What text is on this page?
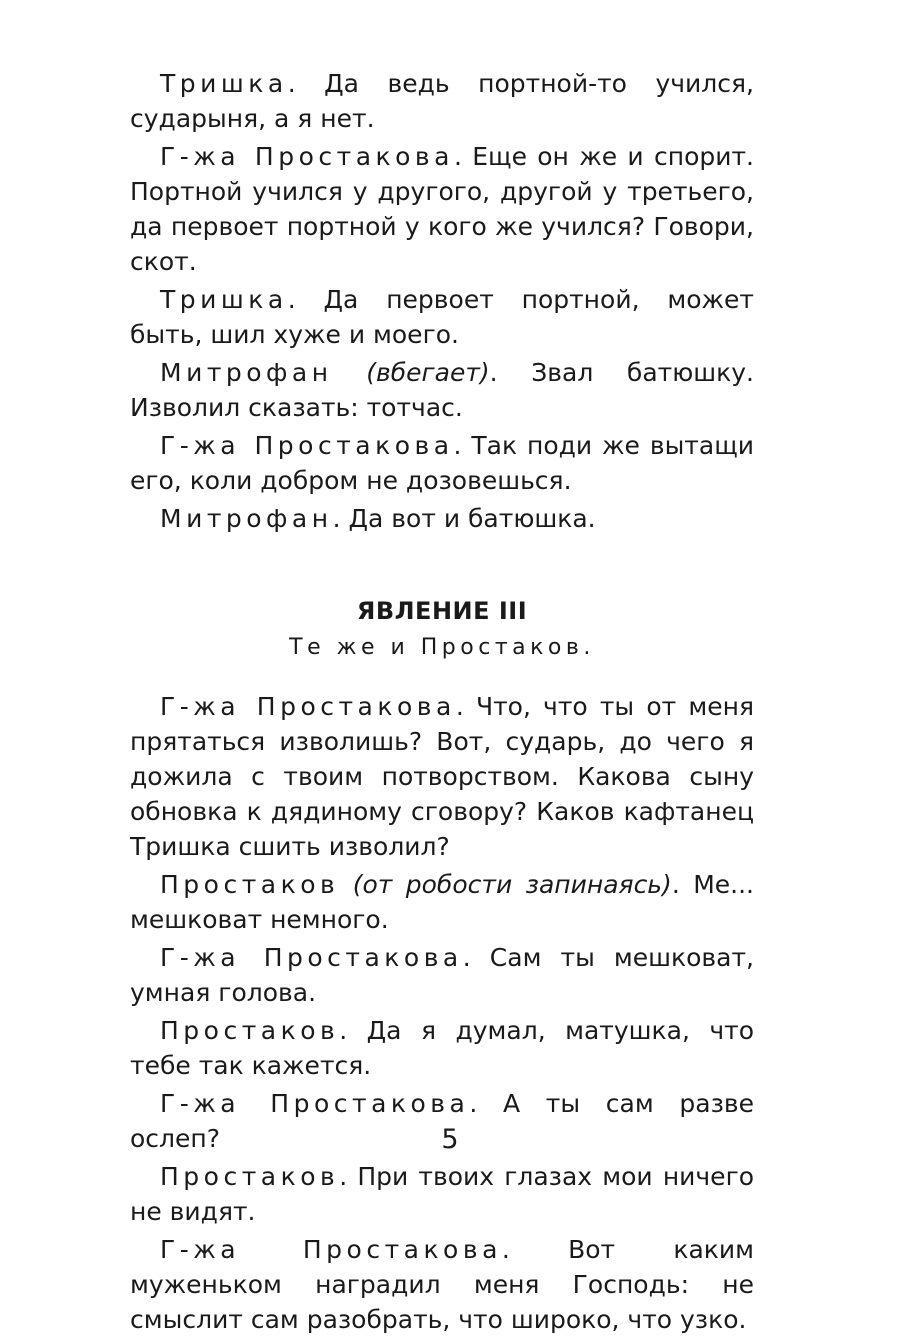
Тришка. Да ведь портной-то учился, сударыня, а я нет.

Г-жа Простакова. Еще он же и спорит. Портной учился у другого, другой у третьего, да первоет портной у кого же учился? Говори, скот.

Тришка. Да первоет портной, может быть, шил хуже и моего.

Митрофан (вбегает). Звал батюшку. Изволил сказать: тотчас.

Г-жа Простакова. Так поди же вытащи его, коли добром не дозовешься.

Митрофан. Да вот и батюшка.

ЯВЛЕНИЕ III

Те же и Простаков.

Г-жа Простакова. Что, что ты от меня прятаться изволишь? Вот, сударь, до чего я дожила с твоим потворством. Какова сыну обновка к дядиному сговору? Каков кафтанец Тришка сшить изволил?

Простаков (от робости запинаясь). Ме... мешковат немного.

Г-жа Простакова. Сам ты мешковат, умная голова.

Простаков. Да я думал, матушка, что тебе так кажется.

Г-жа Простакова. А ты сам разве ослеп?

Простаков. При твоих глазах мои ничего не видят.

Г-жа Простакова. Вот каким муженьком наградил меня Господь: не смыслит сам разобрать, что широко, что узко.

5
